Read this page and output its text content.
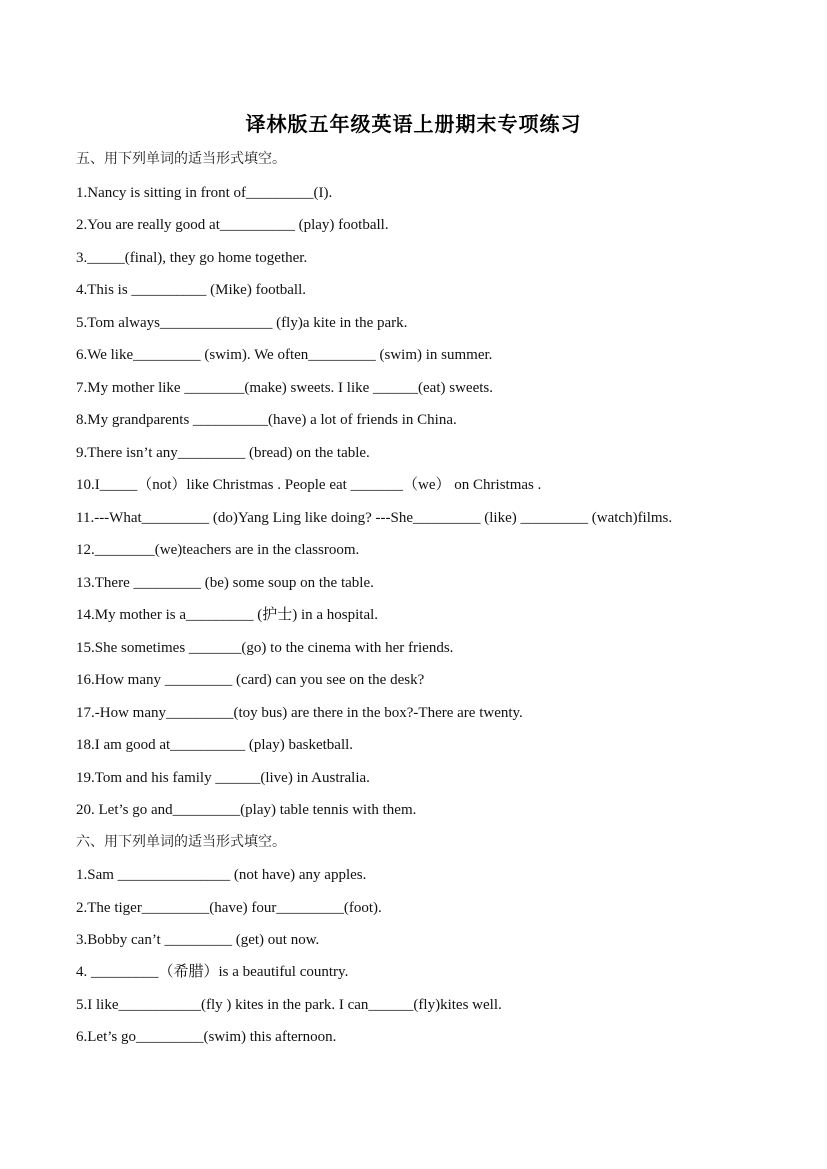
译林版五年级英语上册期末专项练习
五、用下列单词的适当形式填空。
1.Nancy is sitting in front of_________(I).
2.You are really good at__________ (play) football.
3._____(final), they go home together.
4.This is __________ (Mike) football.
5.Tom always_______________ (fly)a kite in the park.
6.We like_________ (swim). We often_________ (swim) in summer.
7.My mother like ________(make) sweets. I like ______(eat) sweets.
8.My grandparents __________(have) a lot of friends in China.
9.There isn’t any_________ (bread) on the table.
10.I_____（not）like Christmas . People eat _______（we） on Christmas .
11.---What_________ (do)Yang Ling like doing? ---She_________ (like) _________ (watch)films.
12.________(we)teachers are in the classroom.
13.There _________ (be) some soup on the table.
14.My mother is a_________ (护士) in a hospital.
15.She sometimes _______(go) to the cinema with her friends.
16.How many _________ (card) can you see on the desk?
17.-How many_________(toy bus) are there in the box?-There are twenty.
18.I am good at__________ (play) basketball.
19.Tom and his family ______(live) in Australia.
20. Let’s go and_________(play) table tennis with them.
六、用下列单词的适当形式填空。
1.Sam _______________ (not have) any apples.
2.The tiger_________(have) four_________(foot).
3.Bobby can’t _________ (get) out now.
4. _________（希腊）is a beautiful country.
5.I like___________(fly ) kites in the park. I can______(fly)kites well.
6.Let’s go_________(swim) this afternoon.
